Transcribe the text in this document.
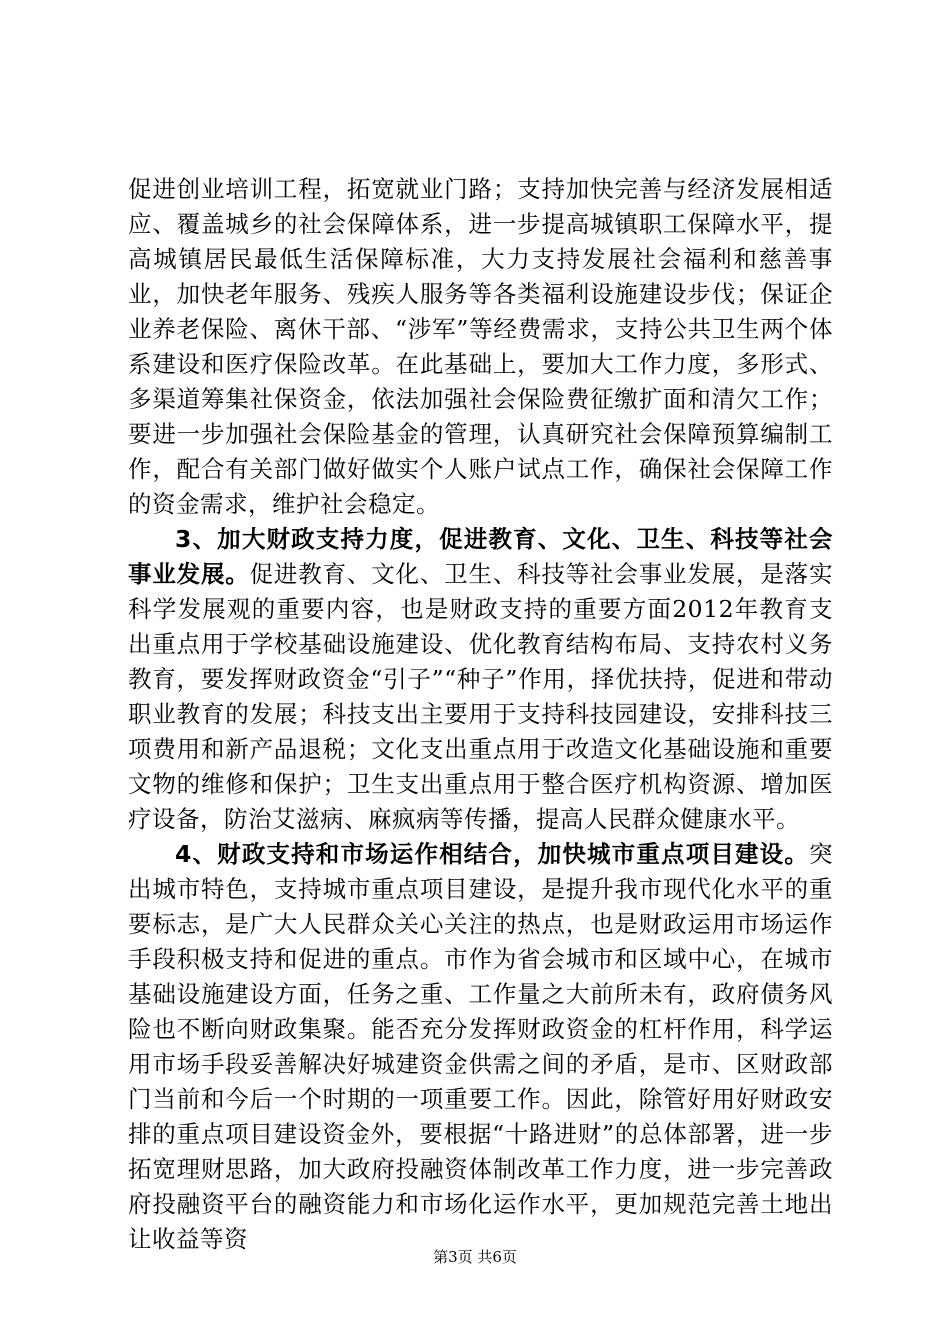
促进创业培训工程，拓宽就业门路；支持加快完善与经济发展相适应、覆盖城乡的社会保障体系，进一步提高城镇职工保障水平，提高城镇居民最低生活保障标准，大力支持发展社会福利和慈善事业，加快老年服务、残疾人服务等各类福利设施建设步伐；保证企业养老保险、离休干部、“涉军”等经费需求，支持公共卫生两个体系建设和医疗保险改革。在此基础上，要加大工作力度，多形式、多渠道筹集社保资金，依法加强社会保险费征缴扩面和清欠工作；要进一步加强社会保险基金的管理，认真研究社会保障预算编制工作，配合有关部门做好做实个人账户试点工作，确保社会保障工作的资金需求，维护社会稳定。

3、加大财政支持力度，促进教育、文化、卫生、科技等社会事业发展。促进教育、文化、卫生、科技等社会事业发展，是落实科学发展观的重要内容，也是财政支持的重要方面2012年教育支出重点用于学校基础设施建设、优化教育结构布局、支持农村义务教育，要发挥财政资金“引子”“种子”作用，择优扶持，促进和带动职业教育的发展；科技支出主要用于支持科技园建设，安排科技三项费用和新产品退税；文化支出重点用于改造文化基础设施和重要文物的维修和保护；卫生支出重点用于整合医疗机构资源、增加医疗设备，防治艾滋病、麻疯病等传播，提高人民群众健康水平。

4、财政支持和市场运作相结合，加快城市重点项目建设。突出城市特色，支持城市重点项目建设，是提升我市现代化水平的重要标志，是广大人民群众关心关注的热点，也是财政运用市场运作手段积极支持和促进的重点。市作为省会城市和区域中心，在城市基础设施建设方面，任务之重、工作量之大前所未有，政府债务风险也不断向财政集聚。能否充分发挥财政资金的杠杆作用，科学运用市场手段妥善解决好城建资金供需之间的矛盾，是市、区财政部门当前和今后一个时期的一项重要工作。因此，除管好用好财政安排的重点项目建设资金外，要根据“十路进财”的总体部署，进一步拓宽理财思路，加大政府投融资体制改革工作力度，进一步完善政府投融资平台的融资能力和市场化运作水平，更加规范完善土地出让收益等资

第3页 共6页
